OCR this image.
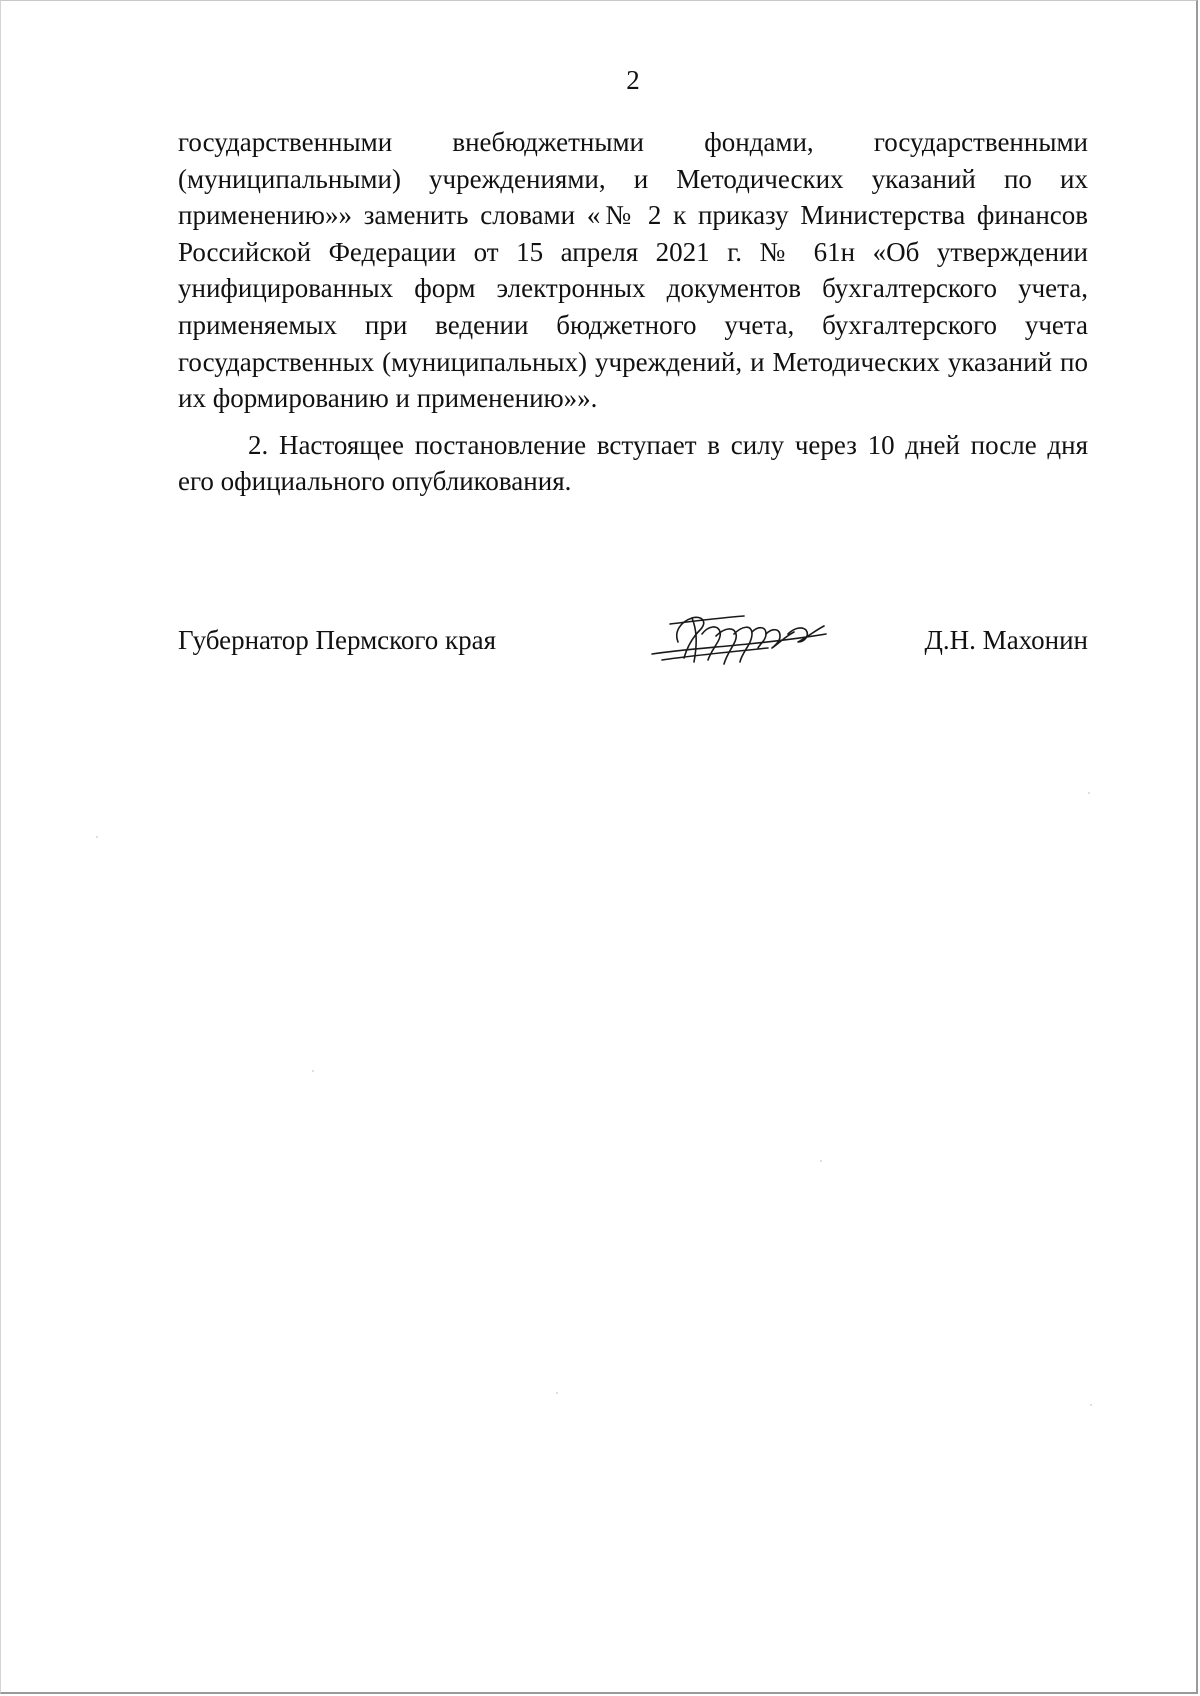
2

государственными внебюджетными фондами, государственными (муниципальными) учреждениями, и Методических указаний по их применению»» заменить словами «№ 2 к приказу Министерства финансов Российской Федерации от 15 апреля 2021 г. № 61н «Об утверждении унифицированных форм электронных документов бухгалтерского учета, применяемых при ведении бюджетного учета, бухгалтерского учета государственных (муниципальных) учреждений, и Методических указаний по их формированию и применению»».

2. Настоящее постановление вступает в силу через 10 дней после дня его официального опубликования.

Губернатор Пермского края	Д.Н. Махонин
